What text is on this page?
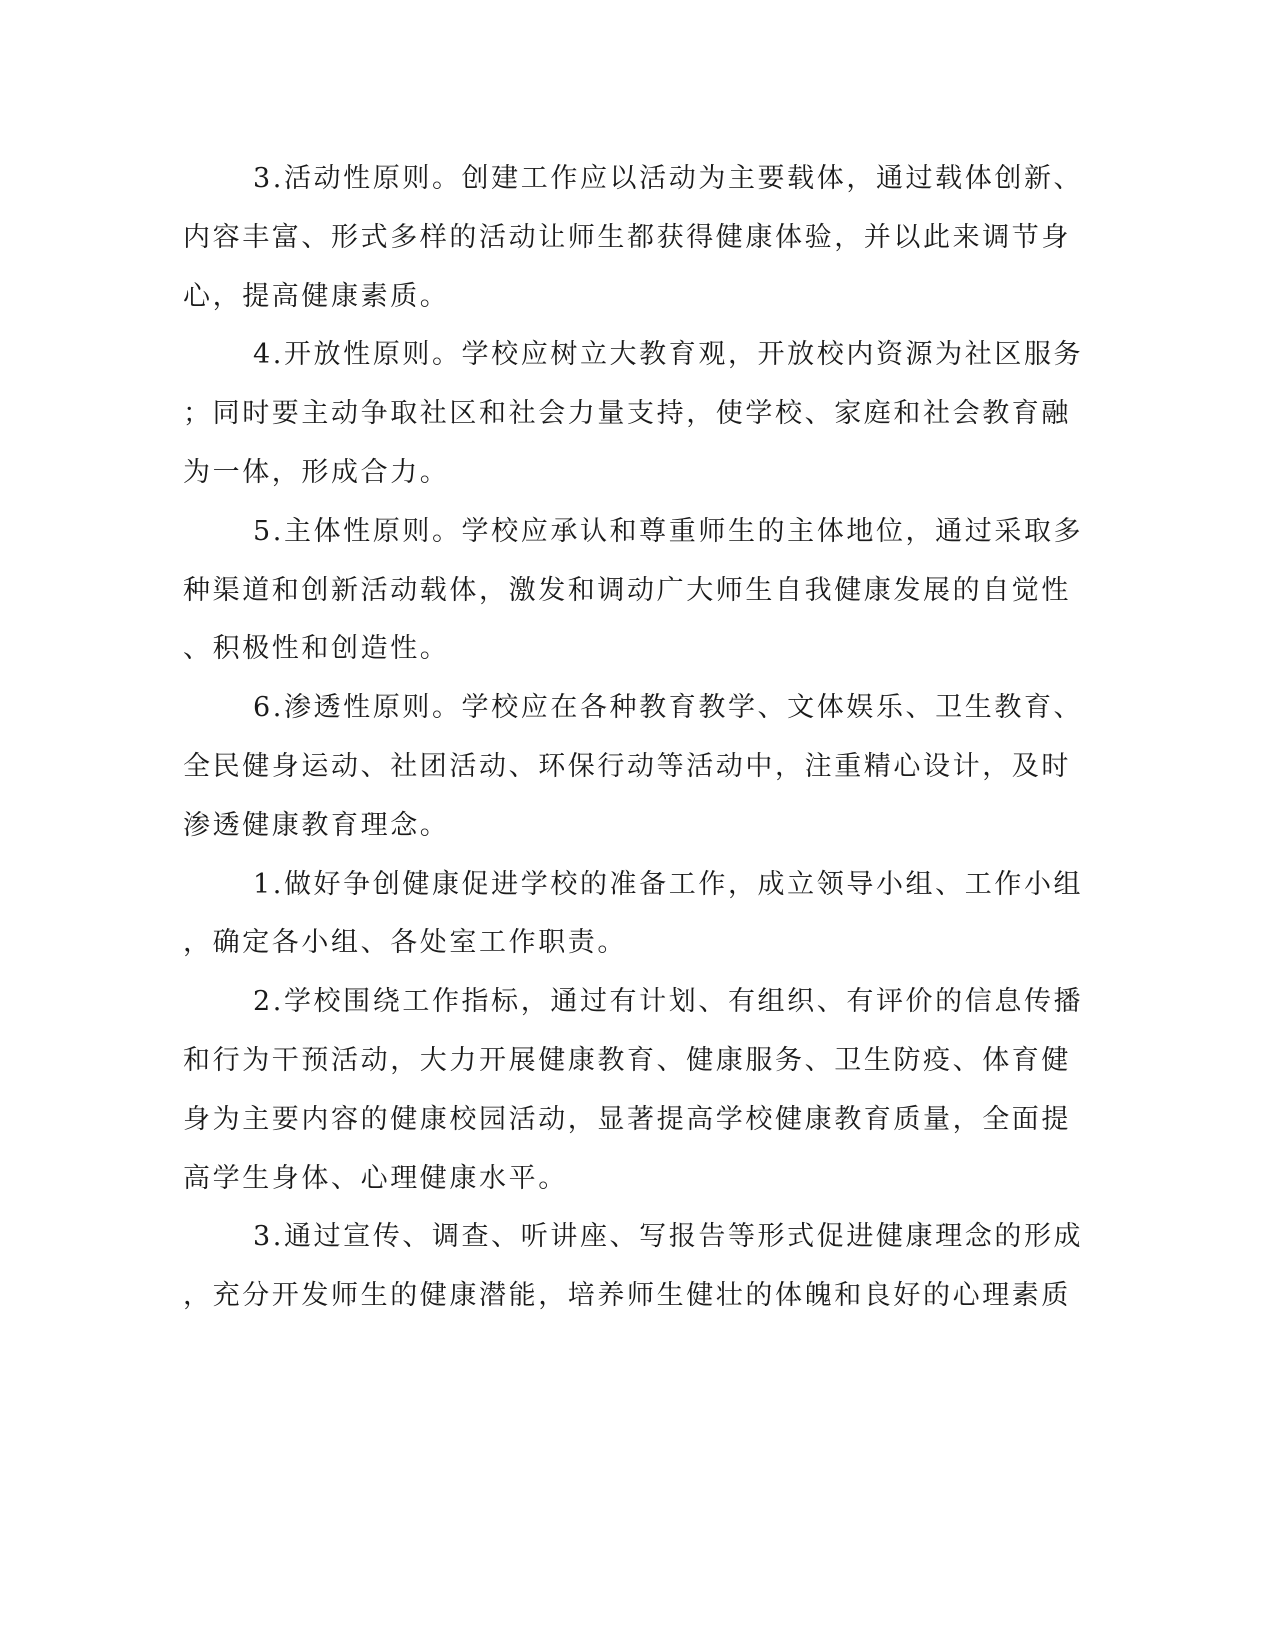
3.活动性原则。创建工作应以活动为主要载体，通过载体创新、
内容丰富、形式多样的活动让师生都获得健康体验，并以此来调节身
心，提高健康素质。

4.开放性原则。学校应树立大教育观，开放校内资源为社区服务
；同时要主动争取社区和社会力量支持，使学校、家庭和社会教育融
为一体，形成合力。

5.主体性原则。学校应承认和尊重师生的主体地位，通过采取多
种渠道和创新活动载体，激发和调动广大师生自我健康发展的自觉性
、积极性和创造性。

6.渗透性原则。学校应在各种教育教学、文体娱乐、卫生教育、
全民健身运动、社团活动、环保行动等活动中，注重精心设计，及时
渗透健康教育理念。

1.做好争创健康促进学校的准备工作，成立领导小组、工作小组
，确定各小组、各处室工作职责。

2.学校围绕工作指标，通过有计划、有组织、有评价的信息传播
和行为干预活动，大力开展健康教育、健康服务、卫生防疫、体育健
身为主要内容的健康校园活动，显著提高学校健康教育质量，全面提
高学生身体、心理健康水平。

3.通过宣传、调查、听讲座、写报告等形式促进健康理念的形成
，充分开发师生的健康潜能，培养师生健壮的体魄和良好的心理素质
